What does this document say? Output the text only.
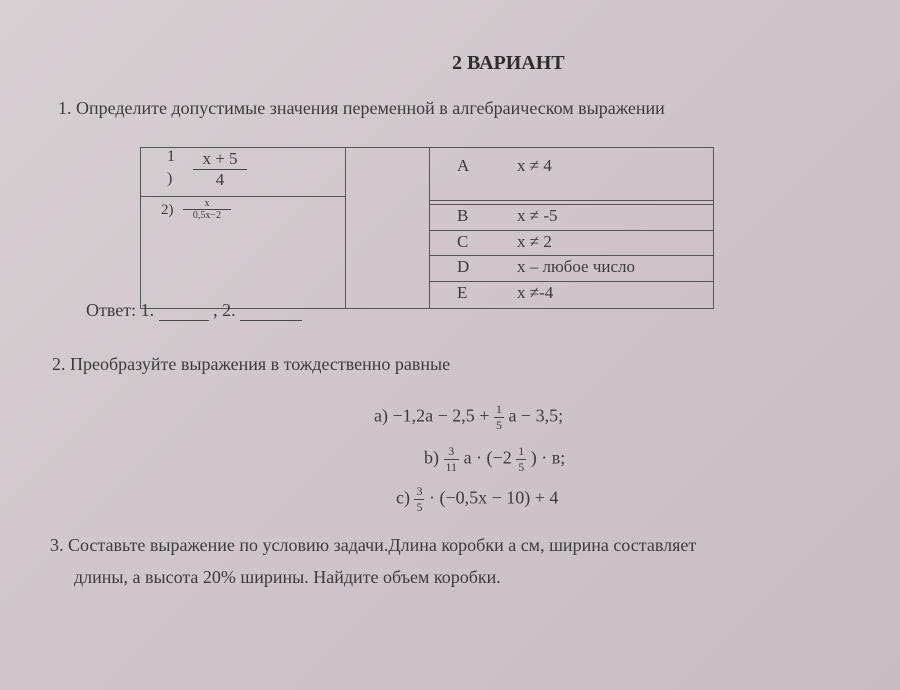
2 ВАРИАНТ
1. Определите допустимые значения переменной в алгебраическом выражении
1
) $\frac{x + 5}{4}$
$2) \frac{x}{0,5x-2}$
A	x ≠ 4
B	x ≠ -5
C	x ≠ 2
D	x – любое число
E	x ≠-4
Ответ: 1.	, 2.
2. Преобразуйте выражения в тождественно равные
$a) -1,2a - 2,5 + \frac{1}{5}$ a − 3,5;
$b) \frac{3}{11}$ $a \cdot (-2 \frac{1}{5}$ ) · в;
$c) \frac{3}{5} \cdot (-0,5x - 10) + 4$
3. Составьте выражение по условию задачи.Длина коробки a см, ширина составляет
длины, а высота 20% ширины. Найдите объем коробки.
